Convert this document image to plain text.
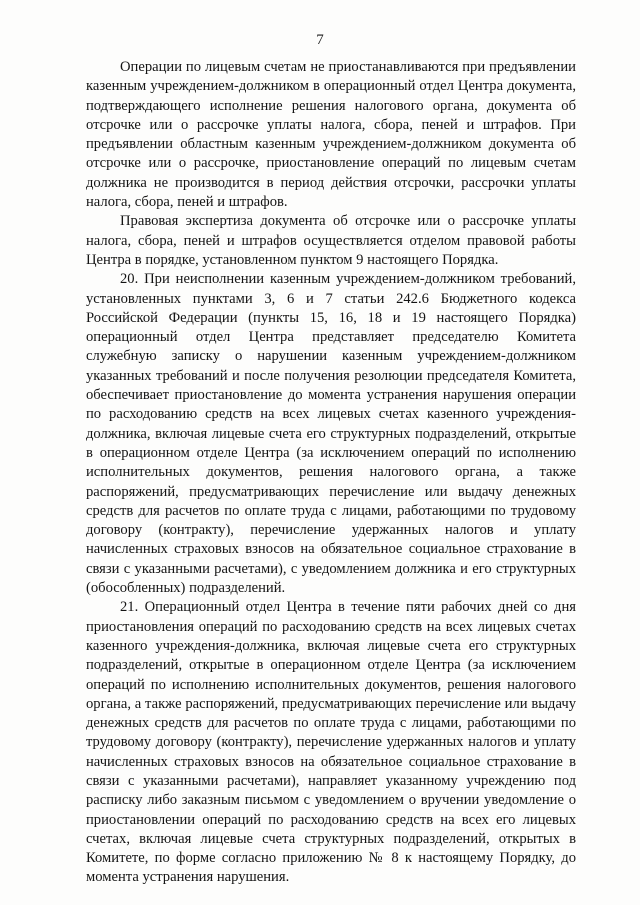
7

Операции по лицевым счетам не приостанавливаются при предъявлении казенным учреждением-должником в операционный отдел Центра документа, подтверждающего исполнение решения налогового органа, документа об отсрочке или о рассрочке уплаты налога, сбора, пеней и штрафов. При предъявлении областным казенным учреждением-должником документа об отсрочке или о рассрочке, приостановление операций по лицевым счетам должника не производится в период действия отсрочки, рассрочки уплаты налога, сбора, пеней и штрафов.

Правовая экспертиза документа об отсрочке или о рассрочке уплаты налога, сбора, пеней и штрафов осуществляется отделом правовой работы Центра в порядке, установленном пунктом 9 настоящего Порядка.

20. При неисполнении казенным учреждением-должником требований, установленных пунктами 3, 6 и 7 статьи 242.6 Бюджетного кодекса Российской Федерации (пункты 15, 16, 18 и 19 настоящего Порядка) операционный отдел Центра представляет председателю Комитета служебную записку о нарушении казенным учреждением-должником указанных требований и после получения резолюции председателя Комитета, обеспечивает приостановление до момента устранения нарушения операции по расходованию средств на всех лицевых счетах казенного учреждения-должника, включая лицевые счета его структурных подразделений, открытые в операционном отделе Центра (за исключением операций по исполнению исполнительных документов, решения налогового органа, а также распоряжений, предусматривающих перечисление или выдачу денежных средств для расчетов по оплате труда с лицами, работающими по трудовому договору (контракту), перечисление удержанных налогов и уплату начисленных страховых взносов на обязательное социальное страхование в связи с указанными расчетами), с уведомлением должника и его структурных (обособленных) подразделений.

21. Операционный отдел Центра в течение пяти рабочих дней со дня приостановления операций по расходованию средств на всех лицевых счетах казенного учреждения-должника, включая лицевые счета его структурных подразделений, открытые в операционном отделе Центра (за исключением операций по исполнению исполнительных документов, решения налогового органа, а также распоряжений, предусматривающих перечисление или выдачу денежных средств для расчетов по оплате труда с лицами, работающими по трудовому договору (контракту), перечисление удержанных налогов и уплату начисленных страховых взносов на обязательное социальное страхование в связи с указанными расчетами), направляет указанному учреждению под расписку либо заказным письмом с уведомлением о вручении уведомление о приостановлении операций по расходованию средств на всех его лицевых счетах, включая лицевые счета структурных подразделений, открытых в Комитете, по форме согласно приложению № 8 к настоящему Порядку, до момента устранения нарушения.
